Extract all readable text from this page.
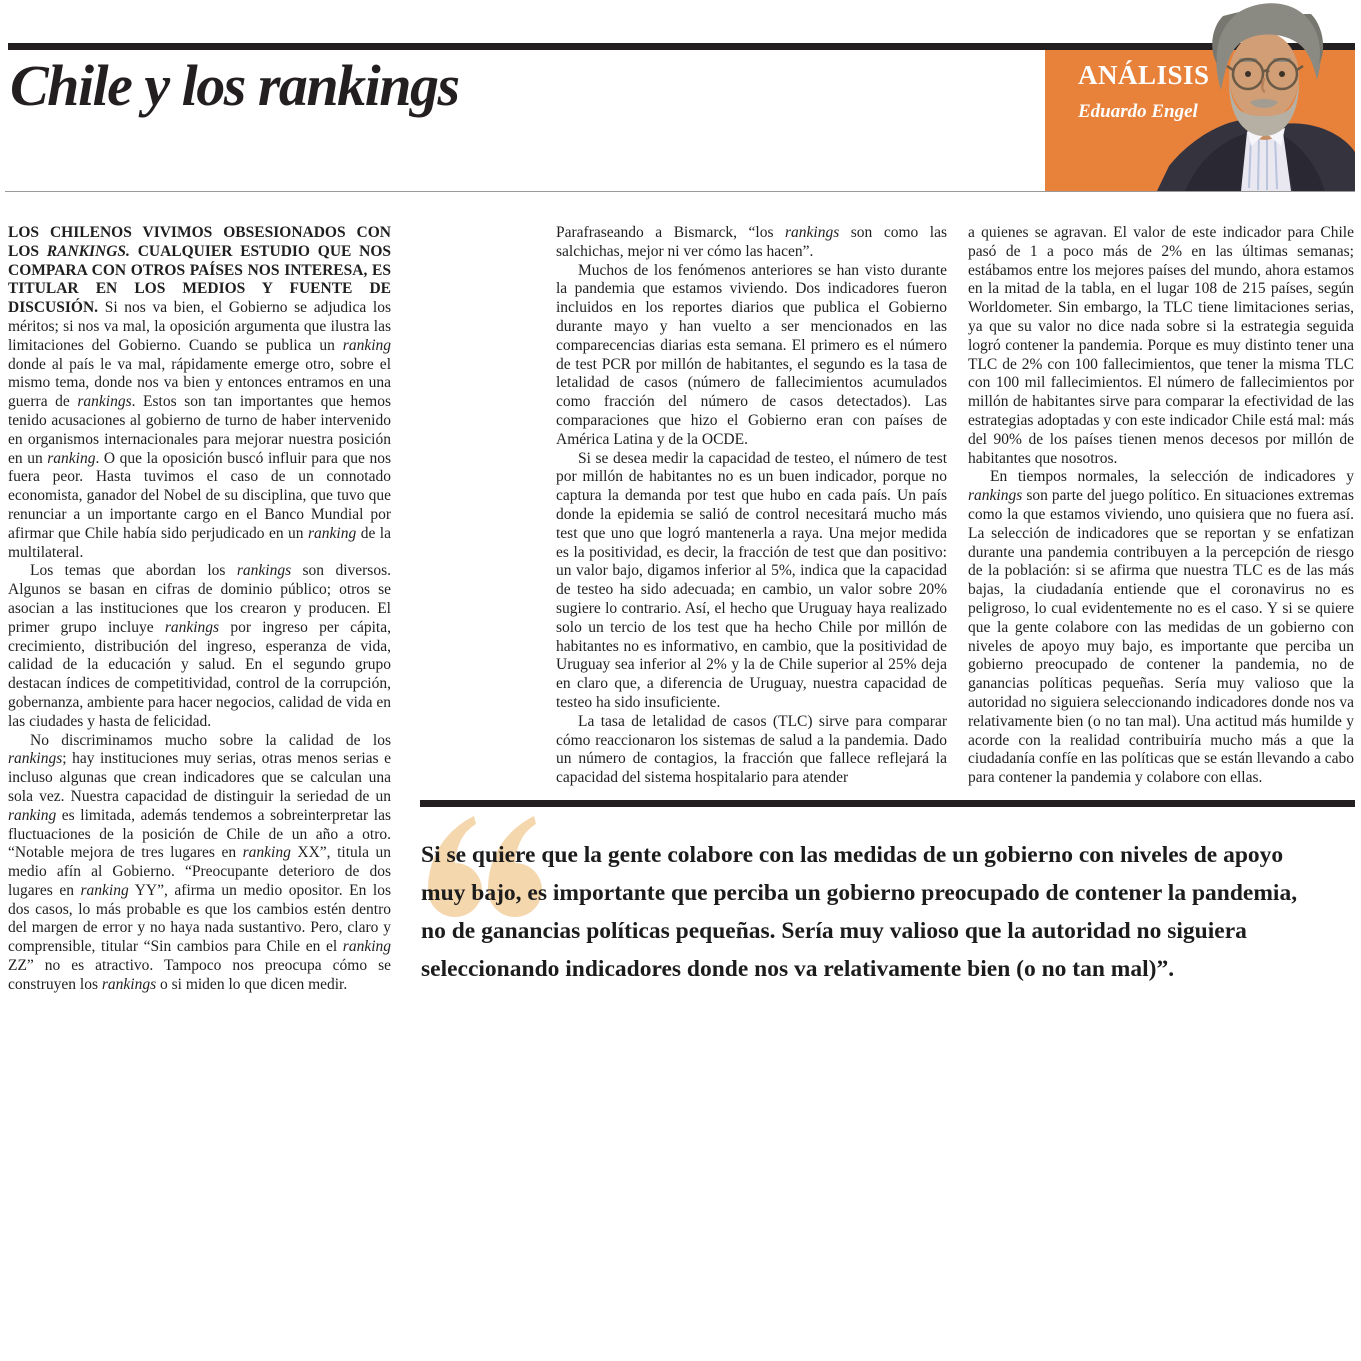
Chile y los rankings	ANÁLISIS
Eduardo Engel

LOS CHILENOS VIVIMOS OBSESIONADOS CON LOS RANKINGS. CUALQUIER ESTUDIO QUE NOS COMPARA CON OTROS PAÍSES NOS INTERESA, ES TITULAR EN LOS MEDIOS Y FUENTE DE DISCUSIÓN. Si nos va bien, el Gobierno se adjudica los méritos; si nos va mal, la oposición argumenta que ilustra las limitaciones del Gobierno. Cuando se publica un ranking donde al país le va mal, rápidamente emerge otro, sobre el mismo tema, donde nos va bien y entonces entramos en una guerra de rankings. Estos son tan importantes que hemos tenido acusaciones al gobierno de turno de haber intervenido en organismos internacionales para mejorar nuestra posición en un ranking. O que la oposición buscó influir para que nos fuera peor. Hasta tuvimos el caso de un connotado economista, ganador del Nobel de su disciplina, que tuvo que renunciar a un importante cargo en el Banco Mundial por afirmar que Chile había sido perjudicado en un ranking de la multilateral.

Los temas que abordan los rankings son diversos. Algunos se basan en cifras de dominio público; otros se asocian a las instituciones que los crearon y producen. El primer grupo incluye rankings por ingreso per cápita, crecimiento, distribución del ingreso, esperanza de vida, calidad de la educación y salud. En el segundo grupo destacan índices de competitividad, control de la corrupción, gobernanza, ambiente para hacer negocios, calidad de vida en las ciudades y hasta de felicidad.

No discriminamos mucho sobre la calidad de los rankings; hay instituciones muy serias, otras menos serias e incluso algunas que crean indicadores que se calculan una sola vez. Nuestra capacidad de distinguir la seriedad de un ranking es limitada, además tendemos a sobreinterpretar las fluctuaciones de la posición de Chile de un año a otro. “Notable mejora de tres lugares en ranking XX”, titula un medio afín al Gobierno. “Preocupante deterioro de dos lugares en ranking YY”, afirma un medio opositor. En los dos casos, lo más probable es que los cambios estén dentro del margen de error y no haya nada sustantivo. Pero, claro y comprensible, titular “Sin cambios para Chile en el ranking ZZ” no es atractivo. Tampoco nos preocupa cómo se construyen los rankings o si miden lo que dicen medir.

Parafraseando a Bismarck, “los rankings son como las salchichas, mejor ni ver cómo las hacen”.

Muchos de los fenómenos anteriores se han visto durante la pandemia que estamos viviendo. Dos indicadores fueron incluidos en los reportes diarios que publica el Gobierno durante mayo y han vuelto a ser mencionados en las comparecencias diarias esta semana. El primero es el número de test PCR por millón de habitantes, el segundo es la tasa de letalidad de casos (número de fallecimientos acumulados como fracción del número de casos detectados). Las comparaciones que hizo el Gobierno eran con países de América Latina y de la OCDE.

Si se desea medir la capacidad de testeo, el número de test por millón de habitantes no es un buen indicador, porque no captura la demanda por test que hubo en cada país. Un país donde la epidemia se salió de control necesitará mucho más test que uno que logró mantenerla a raya. Una mejor medida es la positividad, es decir, la fracción de test que dan positivo: un valor bajo, digamos inferior al 5%, indica que la capacidad de testeo ha sido adecuada; en cambio, un valor sobre 20% sugiere lo contrario. Así, el hecho que Uruguay haya realizado solo un tercio de los test que ha hecho Chile por millón de habitantes no es informativo, en cambio, que la positividad de Uruguay sea inferior al 2% y la de Chile superior al 25% deja en claro que, a diferencia de Uruguay, nuestra capacidad de testeo ha sido insuficiente.

La tasa de letalidad de casos (TLC) sirve para comparar cómo reaccionaron los sistemas de salud a la pandemia. Dado un número de contagios, la fracción que fallece reflejará la capacidad del sistema hospitalario para atender

a quienes se agravan. El valor de este indicador para Chile pasó de 1 a poco más de 2% en las últimas semanas; estábamos entre los mejores países del mundo, ahora estamos en la mitad de la tabla, en el lugar 108 de 215 países, según Worldometer. Sin embargo, la TLC tiene limitaciones serias, ya que su valor no dice nada sobre si la estrategia seguida logró contener la pandemia. Porque es muy distinto tener una TLC de 2% con 100 fallecimientos, que tener la misma TLC con 100 mil fallecimientos. El número de fallecimientos por millón de habitantes sirve para comparar la efectividad de las estrategias adoptadas y con este indicador Chile está mal: más del 90% de los países tienen menos decesos por millón de habitantes que nosotros.

En tiempos normales, la selección de indicadores y rankings son parte del juego político. En situaciones extremas como la que estamos viviendo, uno quisiera que no fuera así. La selección de indicadores que se reportan y se enfatizan durante una pandemia contribuyen a la percepción de riesgo de la población: si se afirma que nuestra TLC es de las más bajas, la ciudadanía entiende que el coronavirus no es peligroso, lo cual evidentemente no es el caso. Y si se quiere que la gente colabore con las medidas de un gobierno con niveles de apoyo muy bajo, es importante que perciba un gobierno preocupado de contener la pandemia, no de ganancias políticas pequeñas. Sería muy valioso que la autoridad no siguiera seleccionando indicadores donde nos va relativamente bien (o no tan mal). Una actitud más humilde y acorde con la realidad contribuiría mucho más a que la ciudadanía confíe en las políticas que se están llevando a cabo para contener la pandemia y colabore con ellas.

Si se quiere que la gente colabore con las medidas de un gobierno con niveles de apoyo muy bajo, es importante que perciba un gobierno preocupado de contener la pandemia, no de ganancias políticas pequeñas. Sería muy valioso que la autoridad no siguiera seleccionando indicadores donde nos va relativamente bien (o no tan mal)”.
